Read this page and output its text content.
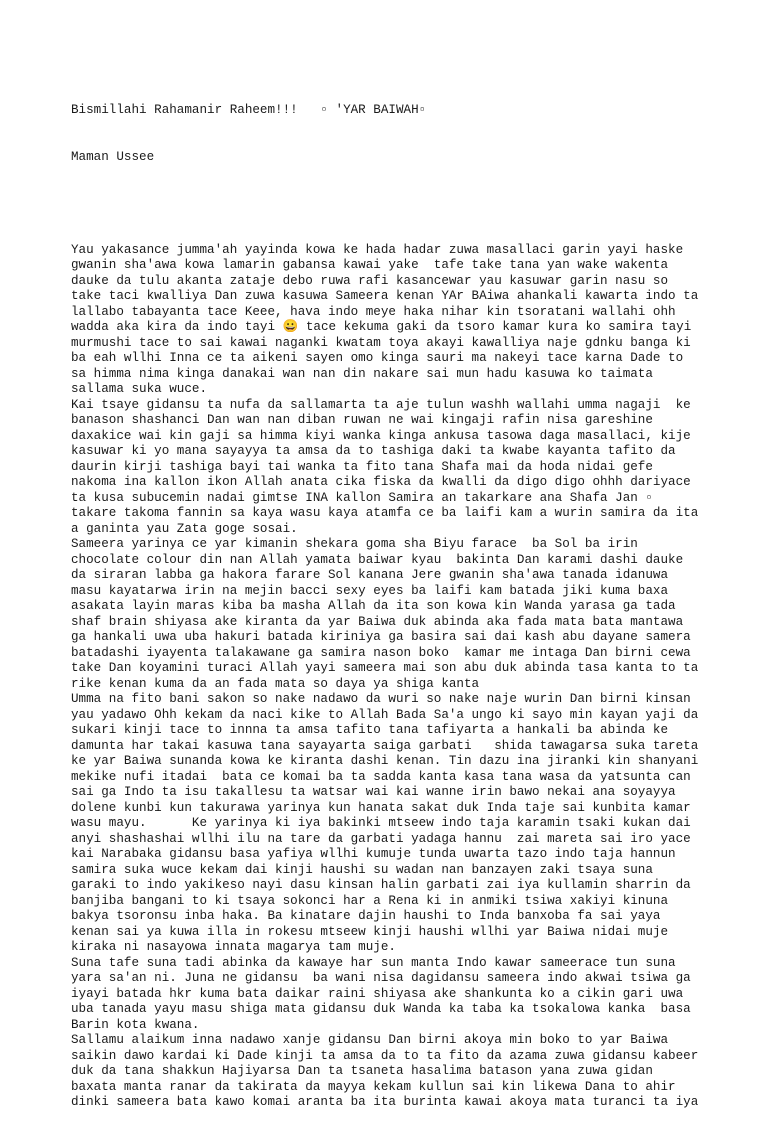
Bismillahi Rahamanir Raheem!!!   ▫ 'YAR BAIWAH▫

Maman Ussee

Yau yakasance jumma'ah yayinda kowa ke hada hadar zuwa masallaci garin yayi haske
gwanin sha'awa kowa lamarin gabansa kawai yake  tafe take tana yan wake wakenta
dauke da tulu akanta zataje debo ruwa rafi kasancewar yau kasuwar garin nasu so
take taci kwalliya Dan zuwa kasuwa Sameera kenan YAr BAiwa ahankali kawarta indo ta
lallabo tabayanta tace Keee, hava indo meye haka nihar kin tsoratani wallahi ohh
wadda aka kira da indo tayi 😀 tace kekuma gaki da tsoro kamar kura ko samira tayi
murmushi tace to sai kawai naganki kwatam toya akayi kawalliya naje gdnku banga ki
ba eah wllhi Inna ce ta aikeni sayen omo kinga sauri ma nakeyi tace karna Dade to
sa himma nima kinga danakai wan nan din nakare sai mun hadu kasuwa ko taimata
sallama suka wuce.
Kai tsaye gidansu ta nufa da sallamarta ta aje tulun washh wallahi umma nagaji  ke
banason shashanci Dan wan nan diban ruwan ne wai kingaji rafin nisa gareshine
daxakice wai kin gaji sa himma kiyi wanka kinga ankusa tasowa daga masallaci, kije
kasuwar ki yo mana sayayya ta amsa da to tashiga daki ta kwabe kayanta tafito da
daurin kirji tashiga bayi tai wanka ta fito tana Shafa mai da hoda nidai gefe
nakoma ina kallon ikon Allah anata cika fiska da kwalli da digo digo ohhh dariyace
ta kusa subucemin nadai gimtse INA kallon Samira an takarkare ana Shafa Jan ▫
takare takoma fannin sa kaya wasu kaya atamfa ce ba laifi kam a wurin samira da ita
a ganinta yau Zata goge sosai.
Sameera yarinya ce yar kimanin shekara goma sha Biyu farace  ba Sol ba irin
chocolate colour din nan Allah yamata baiwar kyau  bakinta Dan karami dashi dauke
da siraran labba ga hakora farare Sol kanana Jere gwanin sha'awa tanada idanuwa
masu kayatarwa irin na mejin bacci sexy eyes ba laifi kam batada jiki kuma baxa
asakata layin maras kiba ba masha Allah da ita son kowa kin Wanda yarasa ga tada
shaf brain shiyasa ake kiranta da yar Baiwa duk abinda aka fada mata bata mantawa
ga hankali uwa uba hakuri batada kiriniya ga basira sai dai kash abu dayane samera
batadashi iyayenta talakawane ga samira nason boko  kamar me intaga Dan birni cewa
take Dan koyamini turaci Allah yayi sameera mai son abu duk abinda tasa kanta to ta
rike kenan kuma da an fada mata so daya ya shiga kanta
Umma na fito bani sakon so nake nadawo da wuri so nake naje wurin Dan birni kinsan
yau yadawo Ohh kekam da naci kike to Allah Bada Sa'a ungo ki sayo min kayan yaji da
sukari kinji tace to innna ta amsa tafito tana tafiyarta a hankali ba abinda ke
damunta har takai kasuwa tana sayayarta saiga garbati   shida tawagarsa suka tareta
ke yar Baiwa sunanda kowa ke kiranta dashi kenan. Tin dazu ina jiranki kin shanyani
mekike nufi itadai  bata ce komai ba ta sadda kanta kasa tana wasa da yatsunta can
sai ga Indo ta isu takallesu ta watsar wai kai wanne irin bawo nekai ana soyayya
dolene kunbi kun takurawa yarinya kun hanata sakat duk Inda taje sai kunbita kamar
wasu mayu.      Ke yarinya ki iya bakinki mtseew indo taja karamin tsaki kukan dai
anyi shashashai wllhi ilu na tare da garbati yadaga hannu  zai mareta sai iro yace
kai Narabaka gidansu basa yafiya wllhi kumuje tunda uwarta tazo indo taja hannun
samira suka wuce kekam dai kinji haushi su wadan nan banzayen zaki tsaya suna
garaki to indo yakikeso nayi dasu kinsan halin garbati zai iya kullamin sharrin da
banjiba bangani to ki tsaya sokonci har a Rena ki in anmiki tsiwa xakiyi kinuna
bakya tsoronsu inba haka. Ba kinatare dajin haushi to Inda banxoba fa sai yaya
kenan sai ya kuwa illa in rokesu mtseew kinji haushi wllhi yar Baiwa nidai muje
kiraka ni nasayowa innata magarya tam muje.
Suna tafe suna tadi abinka da kawaye har sun manta Indo kawar sameerace tun suna
yara sa'an ni. Juna ne gidansu  ba wani nisa dagidansu sameera indo akwai tsiwa ga
iyayi batada hkr kuma bata daikar raini shiyasa ake shankunta ko a cikin gari uwa
uba tanada yayu masu shiga mata gidansu duk Wanda ka taba ka tsokalowa kanka  basa
Barin kota kwana.
Sallamu alaikum inna nadawo xanje gidansu Dan birni akoya min boko to yar Baiwa
saikin dawo kardai ki Dade kinji ta amsa da to ta fito da azama zuwa gidansu kabeer
duk da tana shakkun Hajiyarsa Dan ta tsaneta hasalima batason yana zuwa gidan
baxata manta ranar da takirata da mayya kekam kullun sai kin likewa Dana to ahir
dinki sameera bata kawo komai aranta ba ita burinta kawai akoya mata turanci ta iya
